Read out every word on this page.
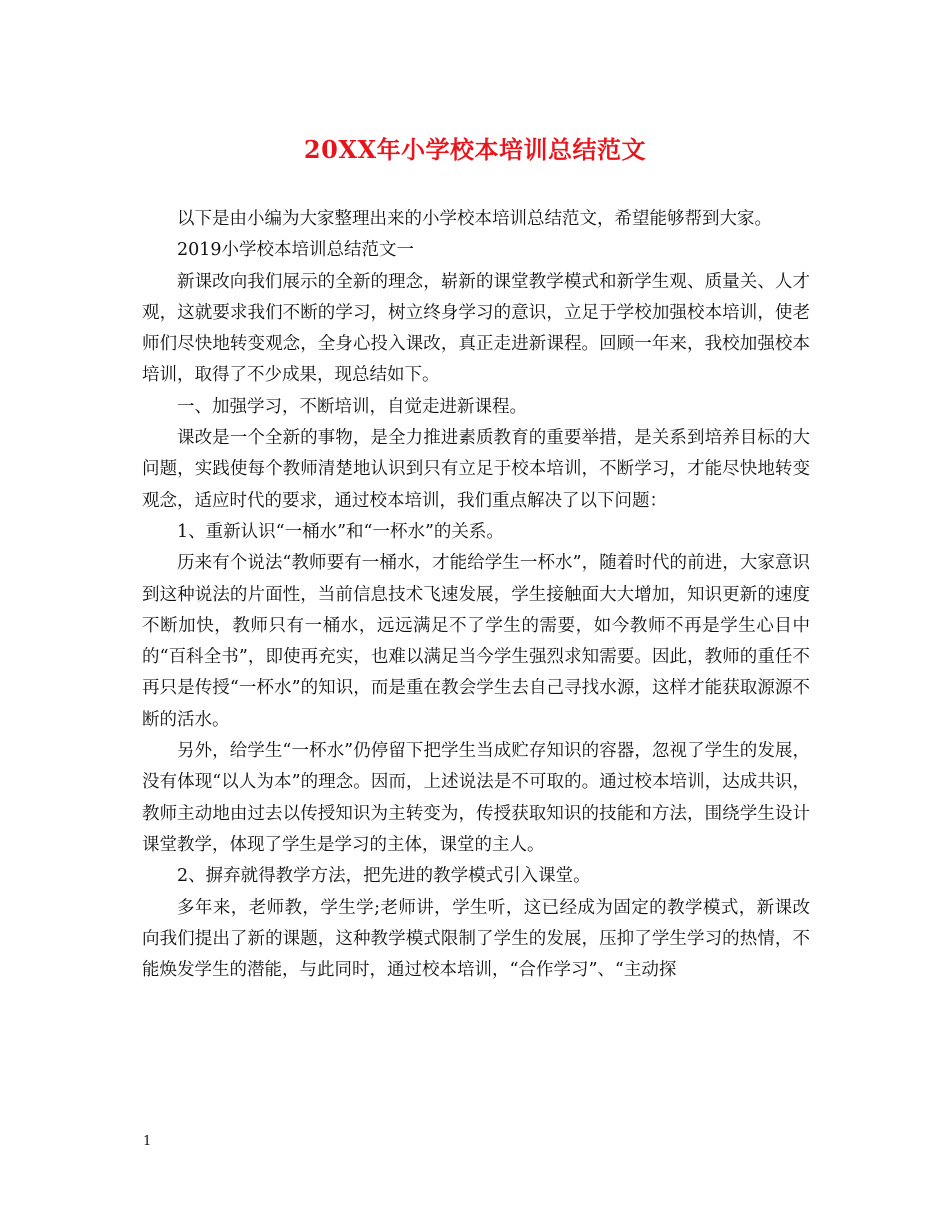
20XX年小学校本培训总结范文

以下是由小编为大家整理出来的小学校本培训总结范文，希望能够帮到大家。

2019小学校本培训总结范文一

新课改向我们展示的全新的理念，崭新的课堂教学模式和新学生观、质量关、人才观，这就要求我们不断的学习，树立终身学习的意识，立足于学校加强校本培训，使老师们尽快地转变观念，全身心投入课改，真正走进新课程。回顾一年来，我校加强校本培训，取得了不少成果，现总结如下。

一、加强学习，不断培训，自觉走进新课程。

课改是一个全新的事物，是全力推进素质教育的重要举措，是关系到培养目标的大问题，实践使每个教师清楚地认识到只有立足于校本培训，不断学习，才能尽快地转变观念，适应时代的要求，通过校本培训，我们重点解决了以下问题：

1、重新认识“一桶水”和“一杯水”的关系。

历来有个说法“教师要有一桶水，才能给学生一杯水”，随着时代的前进，大家意识到这种说法的片面性，当前信息技术飞速发展，学生接触面大大增加，知识更新的速度不断加快，教师只有一桶水，远远满足不了学生的需要，如今教师不再是学生心目中的“百科全书”，即使再充实，也难以满足当今学生强烈求知需要。因此，教师的重任不再只是传授“一杯水”的知识，而是重在教会学生去自己寻找水源，这样才能获取源源不断的活水。

另外，给学生“一杯水”仍停留下把学生当成贮存知识的容器，忽视了学生的发展，没有体现“以人为本”的理念。因而，上述说法是不可取的。通过校本培训，达成共识，教师主动地由过去以传授知识为主转变为，传授获取知识的技能和方法，围绕学生设计课堂教学，体现了学生是学习的主体，课堂的主人。

2、摒弃就得教学方法，把先进的教学模式引入课堂。

多年来，老师教，学生学;老师讲，学生听，这已经成为固定的教学模式，新课改向我们提出了新的课题，这种教学模式限制了学生的发展，压抑了学生学习的热情，不能焕发学生的潜能，与此同时，通过校本培训，“合作学习”、“主动探

1
